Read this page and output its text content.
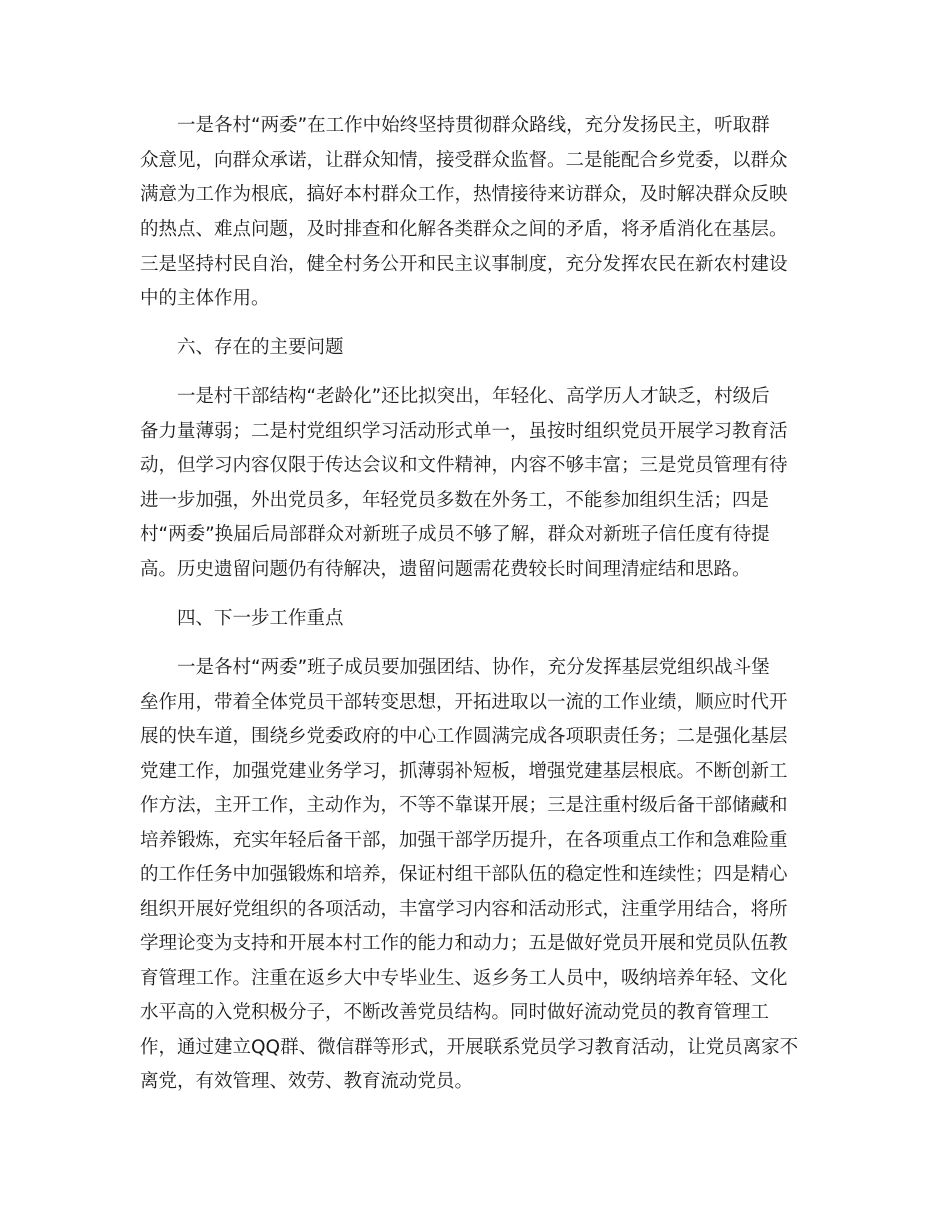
一是各村“两委”在工作中始终坚持贯彻群众路线，充分发扬民主，听取群
众意见，向群众承诺，让群众知情，接受群众监督。二是能配合乡党委，以群众
满意为工作为根底，搞好本村群众工作，热情接待来访群众，及时解决群众反映
的热点、难点问题，及时排查和化解各类群众之间的矛盾，将矛盾消化在基层。
三是坚持村民自治，健全村务公开和民主议事制度，充分发挥农民在新农村建设
中的主体作用。
六、存在的主要问题
一是村干部结构“老龄化”还比拟突出，年轻化、高学历人才缺乏，村级后
备力量薄弱；二是村党组织学习活动形式单一，虽按时组织党员开展学习教育活
动，但学习内容仅限于传达会议和文件精神，内容不够丰富；三是党员管理有待
进一步加强，外出党员多，年轻党员多数在外务工，不能参加组织生活；四是
村“两委”换届后局部群众对新班子成员不够了解，群众对新班子信任度有待提
高。历史遗留问题仍有待解决，遗留问题需花费较长时间理清症结和思路。
四、下一步工作重点
一是各村“两委”班子成员要加强团结、协作，充分发挥基层党组织战斗堡
垒作用，带着全体党员干部转变思想，开拓进取以一流的工作业绩，顺应时代开
展的快车道，围绕乡党委政府的中心工作圆满完成各项职责任务；二是强化基层
党建工作，加强党建业务学习，抓薄弱补短板，增强党建基层根底。不断创新工
作方法，主开工作，主动作为，不等不靠谋开展；三是注重村级后备干部储藏和
培养锻炼，充实年轻后备干部，加强干部学历提升，在各项重点工作和急难险重
的工作任务中加强锻炼和培养，保证村组干部队伍的稳定性和连续性；四是精心
组织开展好党组织的各项活动，丰富学习内容和活动形式，注重学用结合，将所
学理论变为支持和开展本村工作的能力和动力；五是做好党员开展和党员队伍教
育管理工作。注重在返乡大中专毕业生、返乡务工人员中，吸纳培养年轻、文化
水平高的入党积极分子，不断改善党员结构。同时做好流动党员的教育管理工
作，通过建立QQ群、微信群等形式，开展联系党员学习教育活动，让党员离家不
离党，有效管理、效劳、教育流动党员。
